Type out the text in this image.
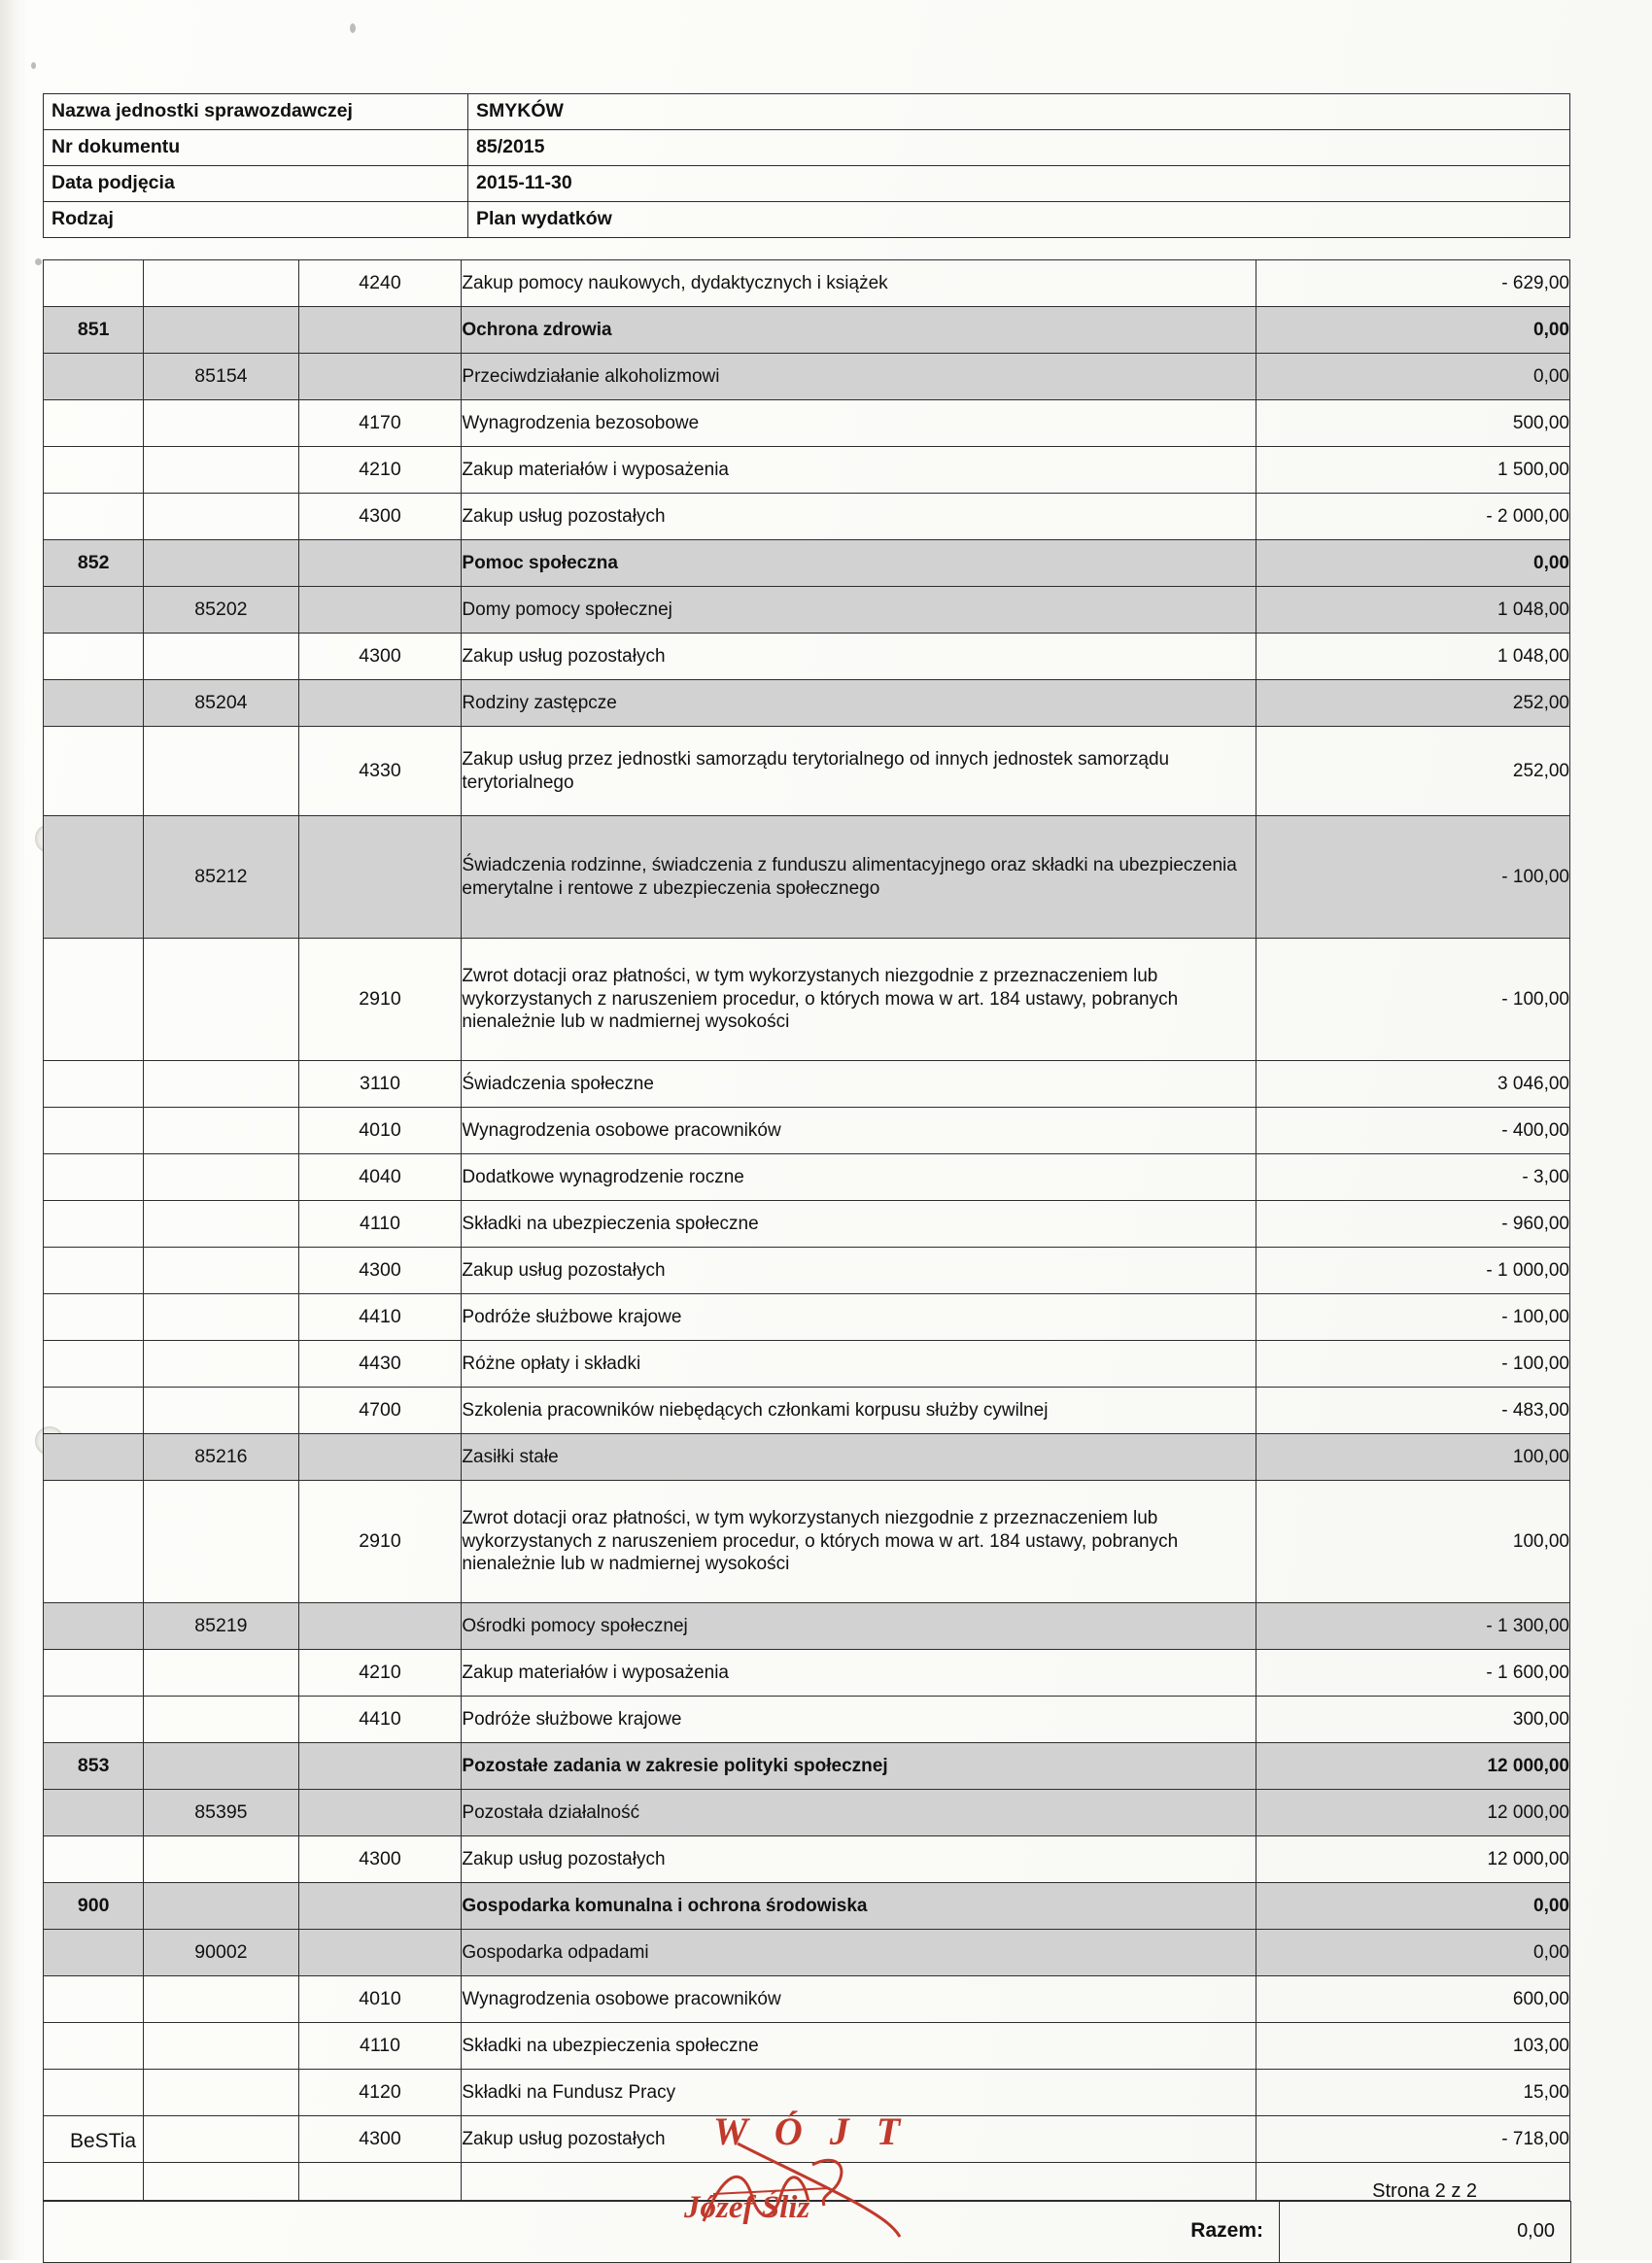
Nazwa jednostki sprawozdawczej	SMYKÓW
Nr dokumentu	85/2015
Data podjęcia	2015-11-30
Rodzaj	Plan wydatków
		4240	Zakup pomocy naukowych, dydaktycznych i książek	- 629,00
851			Ochrona zdrowia	0,00
	85154		Przeciwdziałanie alkoholizmowi	0,00
		4170	Wynagrodzenia bezosobowe	500,00
		4210	Zakup materiałów i wyposażenia	1 500,00
		4300	Zakup usług pozostałych	- 2 000,00
852			Pomoc społeczna	0,00
	85202		Domy pomocy społecznej	1 048,00
		4300	Zakup usług pozostałych	1 048,00
	85204		Rodziny zastępcze	252,00
		4330	Zakup usług przez jednostki samorządu terytorialnego od innych jednostek samorządu terytorialnego	252,00
	85212		Świadczenia rodzinne, świadczenia z funduszu alimentacyjnego oraz składki na ubezpieczenia emerytalne i rentowe z ubezpieczenia społecznego	- 100,00
		2910	Zwrot dotacji oraz płatności, w tym wykorzystanych niezgodnie z przeznaczeniem lub wykorzystanych z naruszeniem procedur, o których mowa w art. 184 ustawy, pobranych nienależnie lub w nadmiernej wysokości	- 100,00
		3110	Świadczenia społeczne	3 046,00
		4010	Wynagrodzenia osobowe pracowników	- 400,00
		4040	Dodatkowe wynagrodzenie roczne	- 3,00
		4110	Składki na ubezpieczenia społeczne	- 960,00
		4300	Zakup usług pozostałych	- 1 000,00
		4410	Podróże służbowe krajowe	- 100,00
		4430	Różne opłaty i składki	- 100,00
		4700	Szkolenia pracowników niebędących członkami korpusu służby cywilnej	- 483,00
	85216		Zasiłki stałe	100,00
		2910	Zwrot dotacji oraz płatności, w tym wykorzystanych niezgodnie z przeznaczeniem lub wykorzystanych z naruszeniem procedur, o których mowa w art. 184 ustawy, pobranych nienależnie lub w nadmiernej wysokości	100,00
	85219		Ośrodki pomocy społecznej	- 1 300,00
		4210	Zakup materiałów i wyposażenia	- 1 600,00
		4410	Podróże służbowe krajowe	300,00
853			Pozostałe zadania w zakresie polityki społecznej	12 000,00
	85395		Pozostała działalność	12 000,00
		4300	Zakup usług pozostałych	12 000,00
900			Gospodarka komunalna i ochrona środowiska	0,00
	90002		Gospodarka odpadami	0,00
		4010	Wynagrodzenia osobowe pracowników	600,00
		4110	Składki na ubezpieczenia społeczne	103,00
		4120	Składki na Fundusz Pracy	15,00
		4300	Zakup usług pozostałych	- 718,00

Razem:	0,00
BeSTia
Strona 2 z 2
W Ó J T
Józef Śliz
